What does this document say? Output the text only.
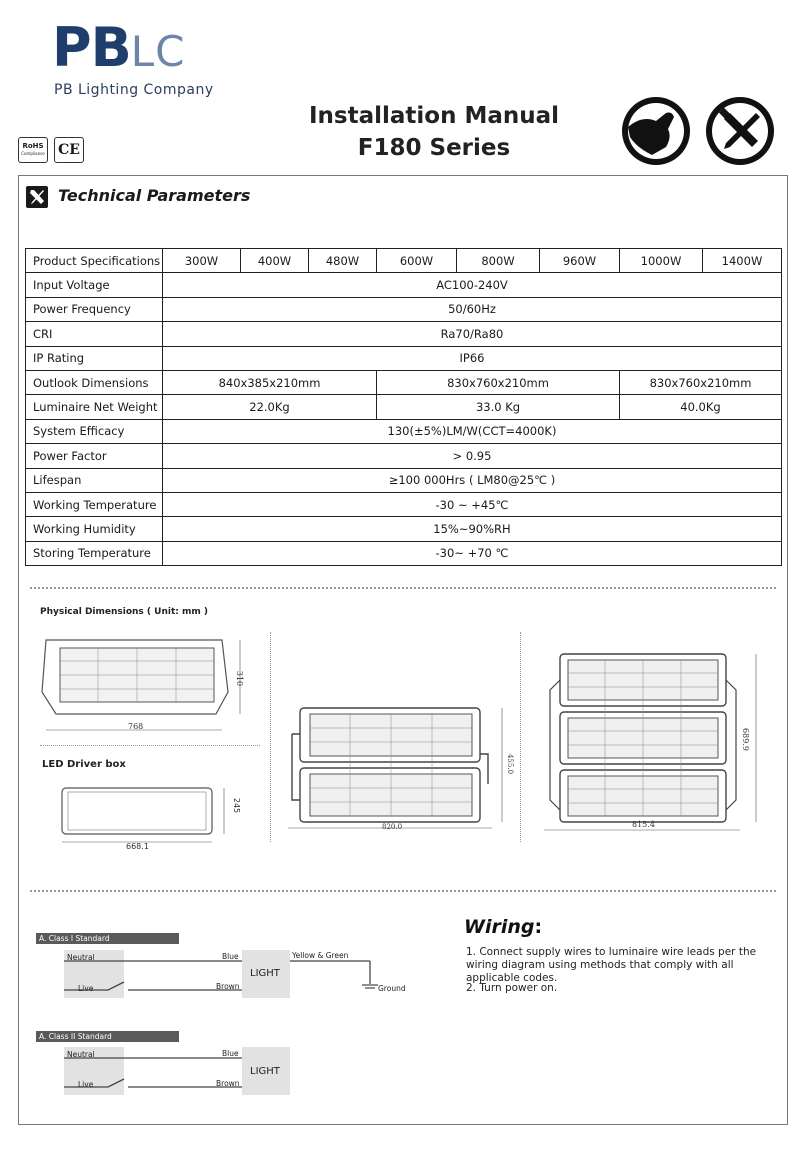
PBLC
PB Lighting Company
RoHS
Compliance CE
Installation Manual
F180 Series
Technical Parameters
Product Specifications	300W	400W	480W	600W	800W	960W	1000W	1400W
Input Voltage	AC100-240V							
Power Frequency	50/60Hz							
CRI	Ra70/Ra80							
IP Rating	IP66							
Outlook Dimensions	840x385x210mm			830x760x210mm			830x760x210mm	
Luminaire Net Weight	22.0Kg			33.0 Kg			40.0Kg	
System Efficacy	130(±5%)LM/W(CCT=4000K)							
Power Factor	> 0.95							
Lifespan	≥100 000Hrs ( LM80@25℃ )							
Working Temperature	-30 ~ +45℃							
Working Humidity	15%~90%RH							
Storing Temperature	-30~ +70 ℃							
Physical Dimensions ( Unit: mm )
768
310
LED Driver box
668.1
245
820.0
455.0
815.4
689.9
Wiring:
1. Connect supply wires to luminaire wire leads per the wiring diagram using methods that comply with all applicable codes.
2. Turn power on.
A. Class I Standard
Neutral
Live
Blue
Brown
LIGHT
Yellow & Green
Ground
A. Class II Standard
Neutral
Live
Blue
Brown
LIGHT
